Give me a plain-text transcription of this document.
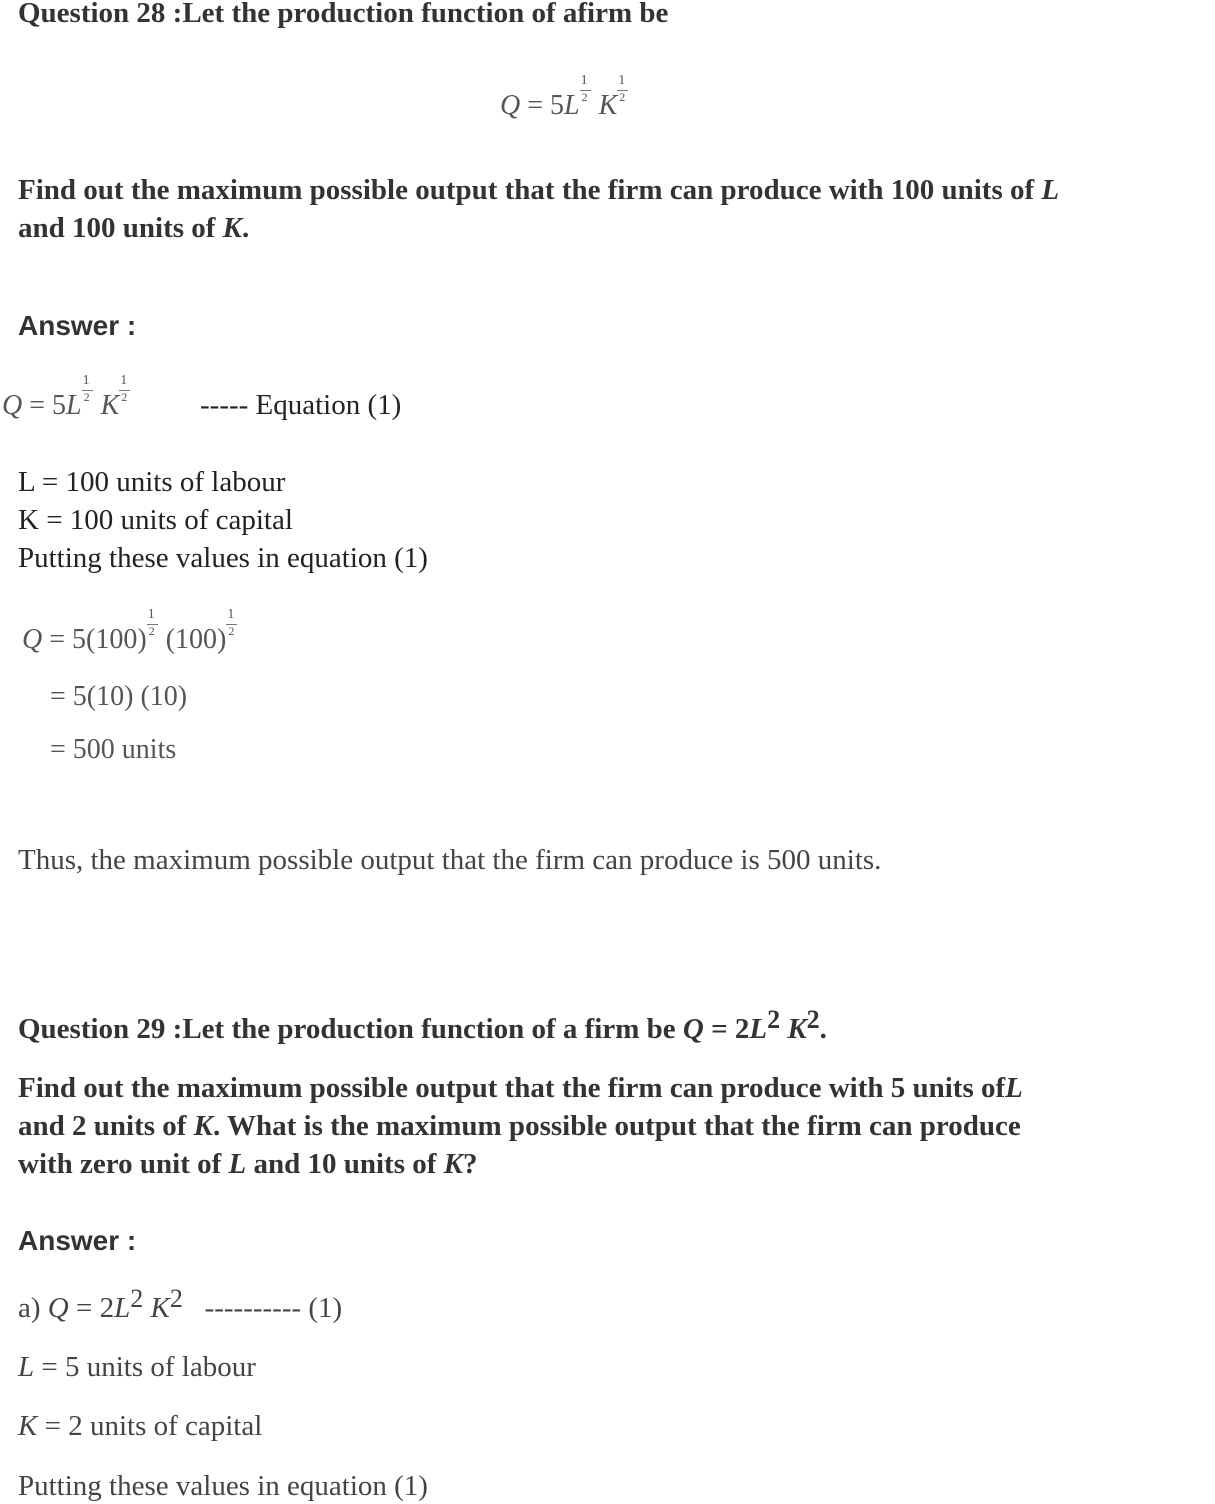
Question 28 :Let the production function of afirm be
$Q = 5L \frac{1}{2}$ K $\frac{1}{2}$
Find out the maximum possible output that the firm can produce with 100 units of L
and 100 units of K.
Answer :
$Q = 5L \frac{1}{2}$ K $\frac{1}{2}$ ----- Equation (1)
L = 100 units of labour
K = 100 units of capital
Putting these values in equation (1)
$Q = 5(100) \frac{1}{2} (100) \frac{1}{2}$
= 5(10) (10)
= 500 units
Thus, the maximum possible output that the firm can produce is 500 units.
Question 29 :Let the production function of a firm be $Q = 2L^2$ $K^2$.
Find out the maximum possible output that the firm can produce with 5 units ofL
and 2 units of K. What is the maximum possible output that the firm can produce
with zero unit of L and 10 units of K?
Answer :
a) $Q = 2L^2$ $K^2$ ---------- (1)
L = 5 units of labour
K = 2 units of capital
Putting these values in equation (1)
